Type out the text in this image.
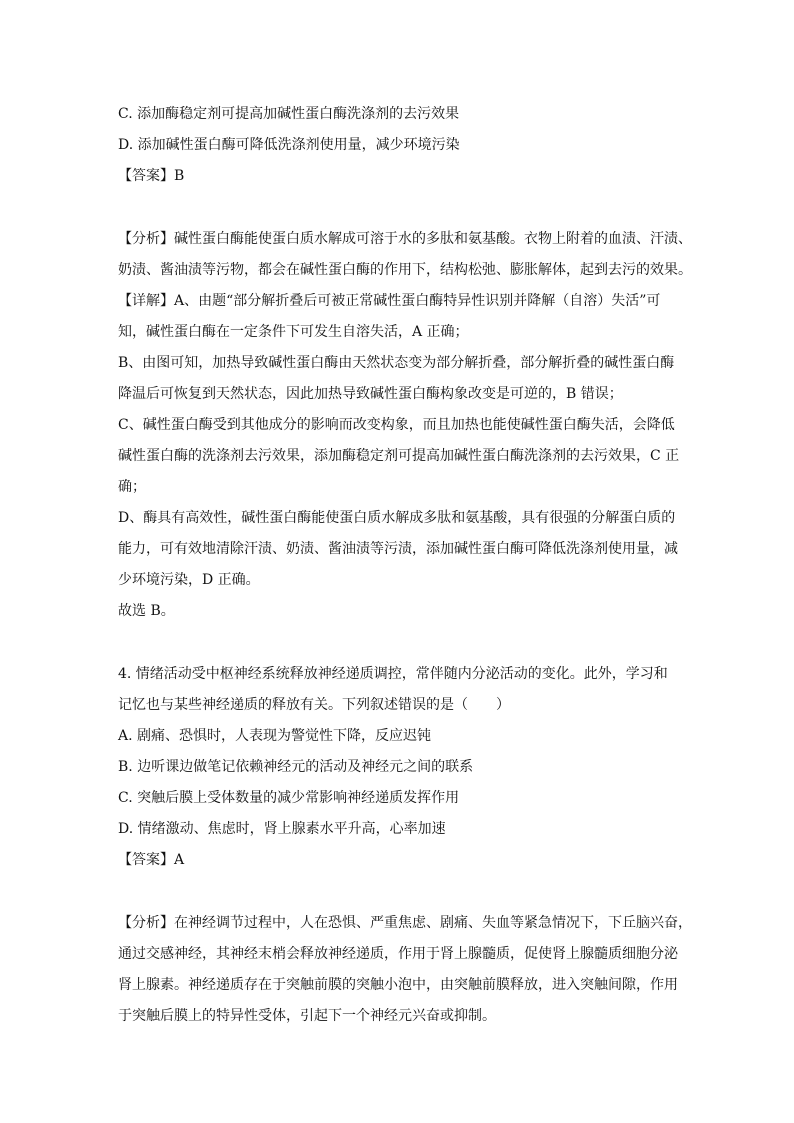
C. 添加酶稳定剂可提高加碱性蛋白酶洗涤剂的去污效果
D. 添加碱性蛋白酶可降低洗涤剂使用量，减少环境污染
【答案】B
【分析】碱性蛋白酶能使蛋白质水解成可溶于水的多肽和氨基酸。衣物上附着的血渍、汗渍、
奶渍、酱油渍等污物，都会在碱性蛋白酶的作用下，结构松弛、膨胀解体，起到去污的效果。
【详解】A、由题“部分解折叠后可被正常碱性蛋白酶特异性识别并降解（自溶）失活”可
知，碱性蛋白酶在一定条件下可发生自溶失活，A 正确；
B、由图可知，加热导致碱性蛋白酶由天然状态变为部分解折叠，部分解折叠的碱性蛋白酶
降温后可恢复到天然状态，因此加热导致碱性蛋白酶构象改变是可逆的，B 错误；
C、碱性蛋白酶受到其他成分的影响而改变构象，而且加热也能使碱性蛋白酶失活，会降低
碱性蛋白酶的洗涤剂去污效果，添加酶稳定剂可提高加碱性蛋白酶洗涤剂的去污效果，C 正
确；
D、酶具有高效性，碱性蛋白酶能使蛋白质水解成多肽和氨基酸，具有很强的分解蛋白质的
能力，可有效地清除汗渍、奶渍、酱油渍等污渍，添加碱性蛋白酶可降低洗涤剂使用量，减
少环境污染，D 正确。
故选 B。
4. 情绪活动受中枢神经系统释放神经递质调控，常伴随内分泌活动的变化。此外，学习和
记忆也与某些神经递质的释放有关。下列叙述错误的是（　　）
A. 剧痛、恐惧时，人表现为警觉性下降，反应迟钝
B. 边听课边做笔记依赖神经元的活动及神经元之间的联系
C. 突触后膜上受体数量的减少常影响神经递质发挥作用
D. 情绪激动、焦虑时，肾上腺素水平升高，心率加速
【答案】A
【分析】在神经调节过程中，人在恐惧、严重焦虑、剧痛、失血等紧急情况下，下丘脑兴奋，
通过交感神经，其神经末梢会释放神经递质，作用于肾上腺髓质，促使肾上腺髓质细胞分泌
肾上腺素。神经递质存在于突触前膜的突触小泡中，由突触前膜释放，进入突触间隙，作用
于突触后膜上的特异性受体，引起下一个神经元兴奋或抑制。
